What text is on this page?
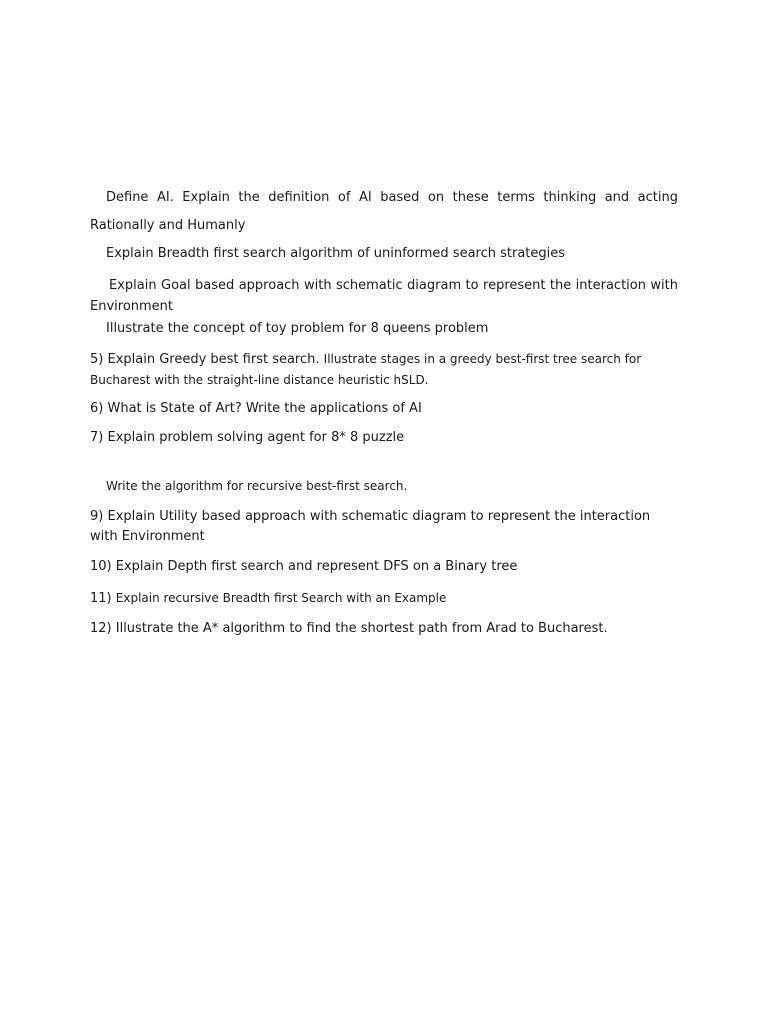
Define AI. Explain the definition of AI based on these terms thinking and acting Rationally and Humanly

Explain Breadth first search algorithm of uninformed search strategies

Explain Goal based approach with schematic diagram to represent the interaction with Environment

Illustrate the concept of toy problem for 8 queens problem

5) Explain Greedy best first search. Illustrate stages in a greedy best-first tree search for Bucharest with the straight-line distance heuristic hSLD.

6) What is State of Art? Write the applications of AI

7) Explain problem solving agent for 8* 8 puzzle

Write the algorithm for recursive best-first search.

9) Explain Utility based approach with schematic diagram to represent the interaction with Environment

10) Explain Depth first search and represent DFS on a Binary tree

11) Explain recursive Breadth first Search with an Example

12) Illustrate the A* algorithm to find the shortest path from Arad to Bucharest.
